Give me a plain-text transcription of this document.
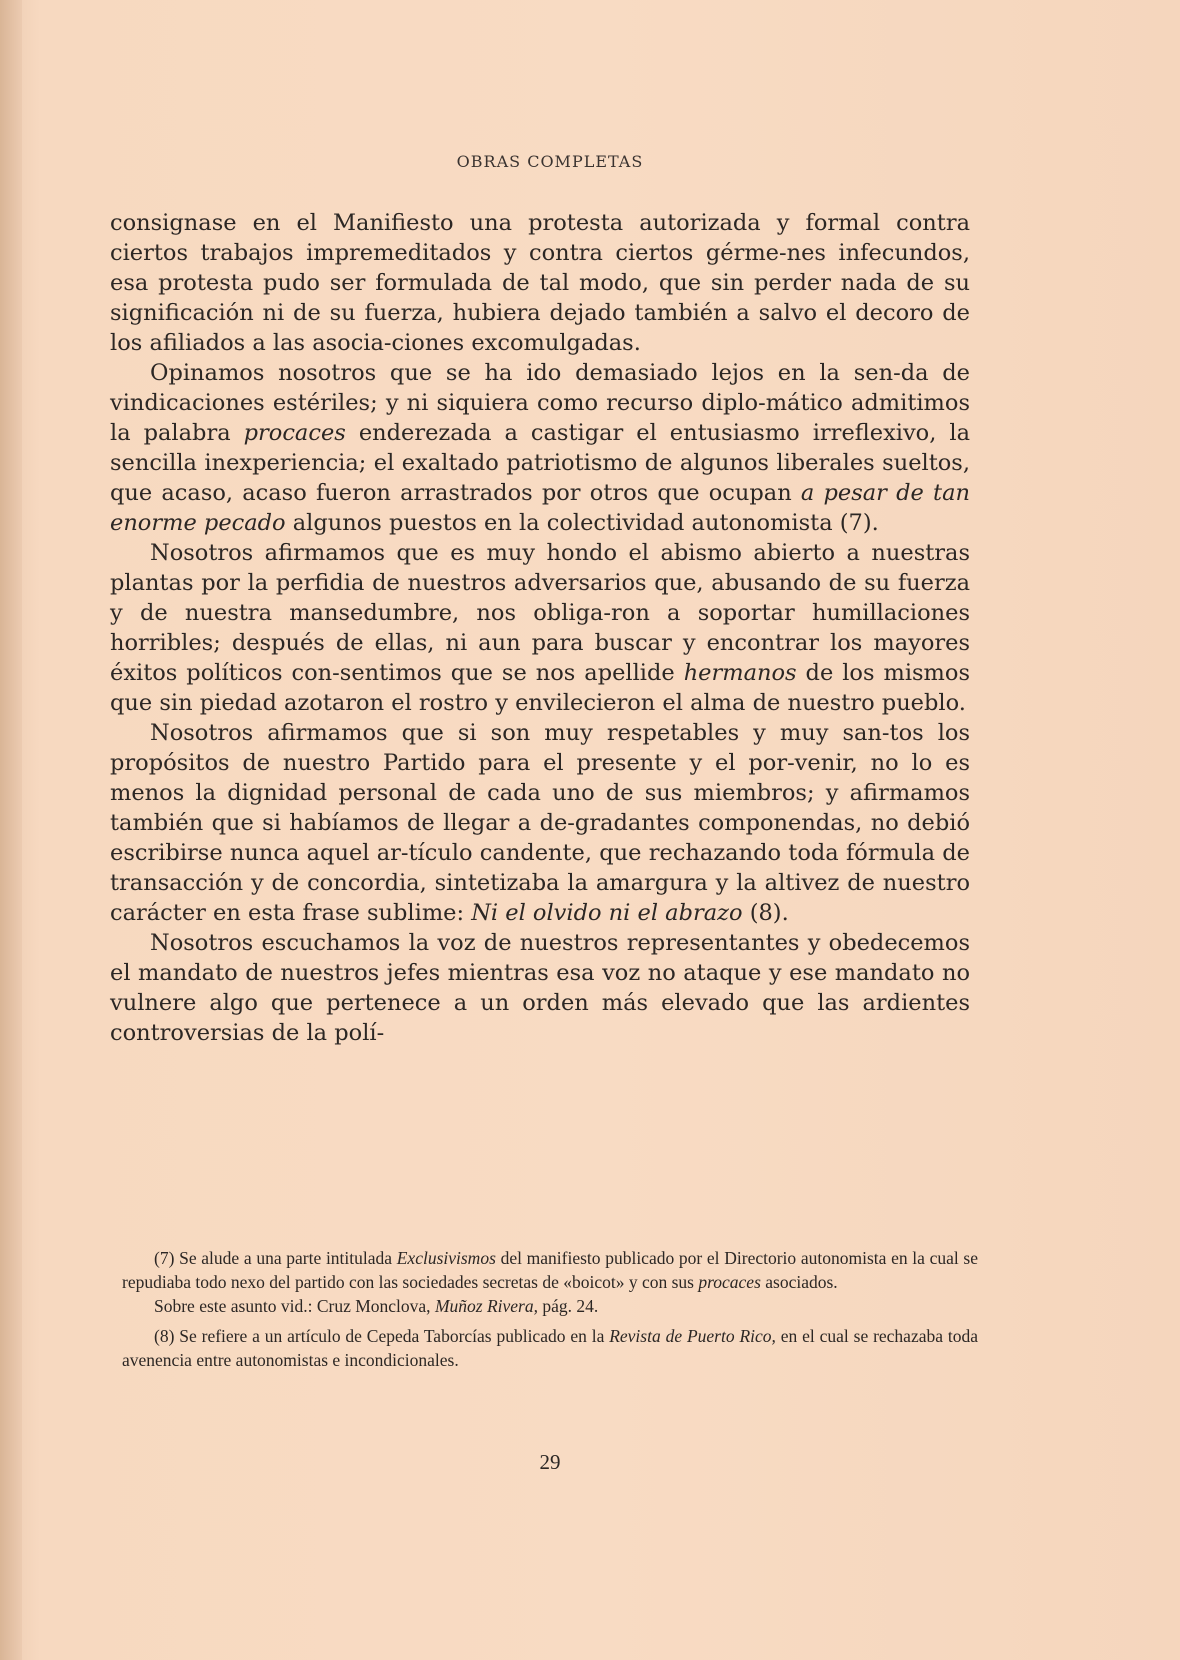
OBRAS COMPLETAS

consignase en el Manifiesto una protesta autorizada y formal contra ciertos trabajos impremeditados y contra ciertos gérme-nes infecundos, esa protesta pudo ser formulada de tal modo, que sin perder nada de su significación ni de su fuerza, hubiera dejado también a salvo el decoro de los afiliados a las asocia-ciones excomulgadas.

Opinamos nosotros que se ha ido demasiado lejos en la sen-da de vindicaciones estériles; y ni siquiera como recurso diplo-mático admitimos la palabra procaces enderezada a castigar el entusiasmo irreflexivo, la sencilla inexperiencia; el exaltado patriotismo de algunos liberales sueltos, que acaso, acaso fueron arrastrados por otros que ocupan a pesar de tan enorme pecado algunos puestos en la colectividad autonomista (7).

Nosotros afirmamos que es muy hondo el abismo abierto a nuestras plantas por la perfidia de nuestros adversarios que, abusando de su fuerza y de nuestra mansedumbre, nos obliga-ron a soportar humillaciones horribles; después de ellas, ni aun para buscar y encontrar los mayores éxitos políticos con-sentimos que se nos apellide hermanos de los mismos que sin piedad azotaron el rostro y envilecieron el alma de nuestro pueblo.

Nosotros afirmamos que si son muy respetables y muy san-tos los propósitos de nuestro Partido para el presente y el por-venir, no lo es menos la dignidad personal de cada uno de sus miembros; y afirmamos también que si habíamos de llegar a de-gradantes componendas, no debió escribirse nunca aquel ar-tículo candente, que rechazando toda fórmula de transacción y de concordia, sintetizaba la amargura y la altivez de nuestro carácter en esta frase sublime: Ni el olvido ni el abrazo (8).

Nosotros escuchamos la voz de nuestros representantes y obedecemos el mandato de nuestros jefes mientras esa voz no ataque y ese mandato no vulnere algo que pertenece a un orden más elevado que las ardientes controversias de la polí-

(7) Se alude a una parte intitulada Exclusivismos del manifiesto publicado por el Directorio autonomista en la cual se repudiaba todo nexo del partido con las sociedades secretas de «boicot» y con sus procaces asociados.

Sobre este asunto vid.: Cruz Monclova, Muñoz Rivera, pág. 24.

(8) Se refiere a un artículo de Cepeda Taborcías publicado en la Revista de Puerto Rico, en el cual se rechazaba toda avenencia entre autonomistas e incondicionales.

29
